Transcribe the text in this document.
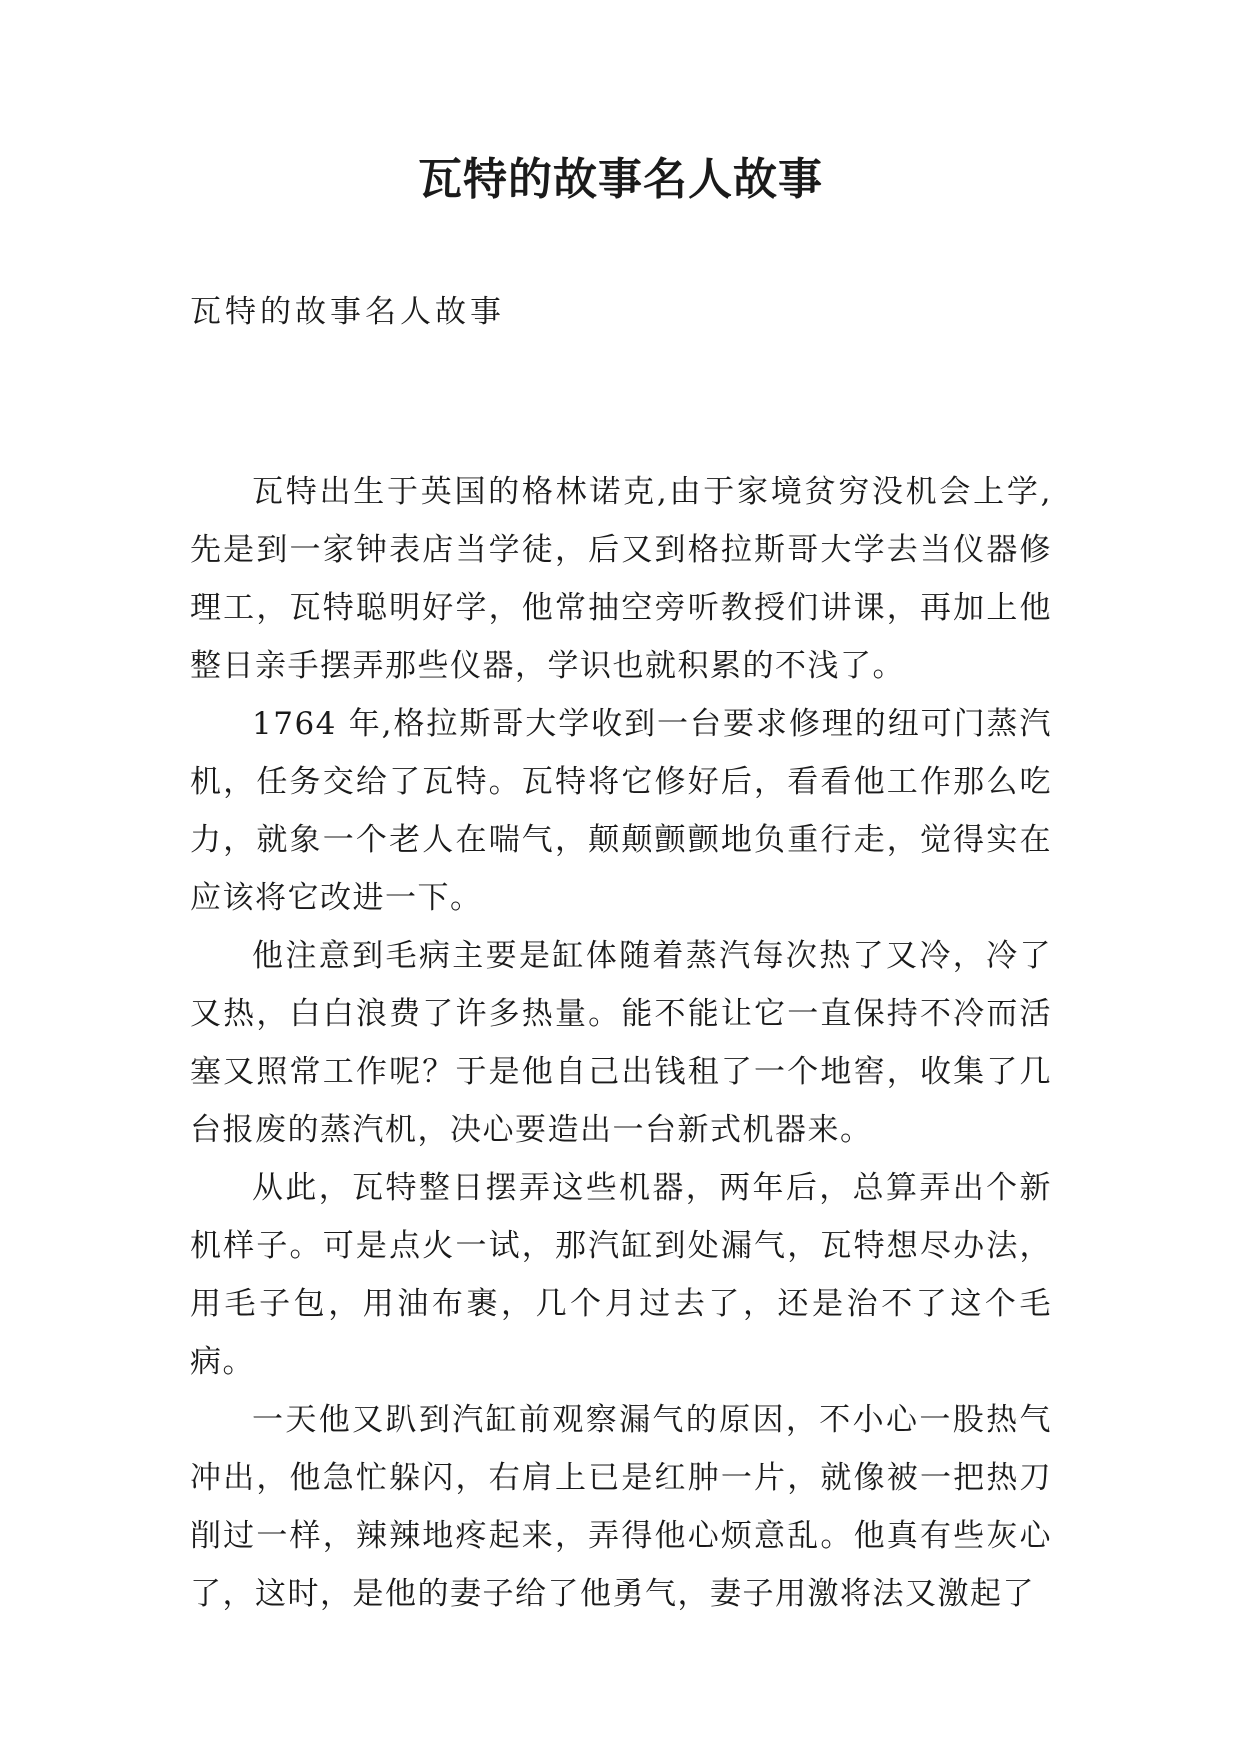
瓦特的故事名人故事

瓦特的故事名人故事

瓦特出生于英国的格林诺克,由于家境贫穷没机会上学,先是到一家钟表店当学徒，后又到格拉斯哥大学去当仪器修理工，瓦特聪明好学，他常抽空旁听教授们讲课，再加上他整日亲手摆弄那些仪器，学识也就积累的不浅了。

1764 年,格拉斯哥大学收到一台要求修理的纽可门蒸汽机，任务交给了瓦特。瓦特将它修好后，看看他工作那么吃力，就象一个老人在喘气，颠颠颤颤地负重行走，觉得实在应该将它改进一下。

他注意到毛病主要是缸体随着蒸汽每次热了又冷，冷了又热，白白浪费了许多热量。能不能让它一直保持不冷而活塞又照常工作呢？于是他自己出钱租了一个地窖，收集了几台报废的蒸汽机，决心要造出一台新式机器来。

从此，瓦特整日摆弄这些机器，两年后，总算弄出个新机样子。可是点火一试，那汽缸到处漏气，瓦特想尽办法，用毛子包，用油布裹，几个月过去了，还是治不了这个毛病。

一天他又趴到汽缸前观察漏气的原因，不小心一股热气冲出，他急忙躲闪，右肩上已是红肿一片，就像被一把热刀削过一样，辣辣地疼起来，弄得他心烦意乱。他真有些灰心了，这时，是他的妻子给了他勇气，妻子用激将法又激起了
